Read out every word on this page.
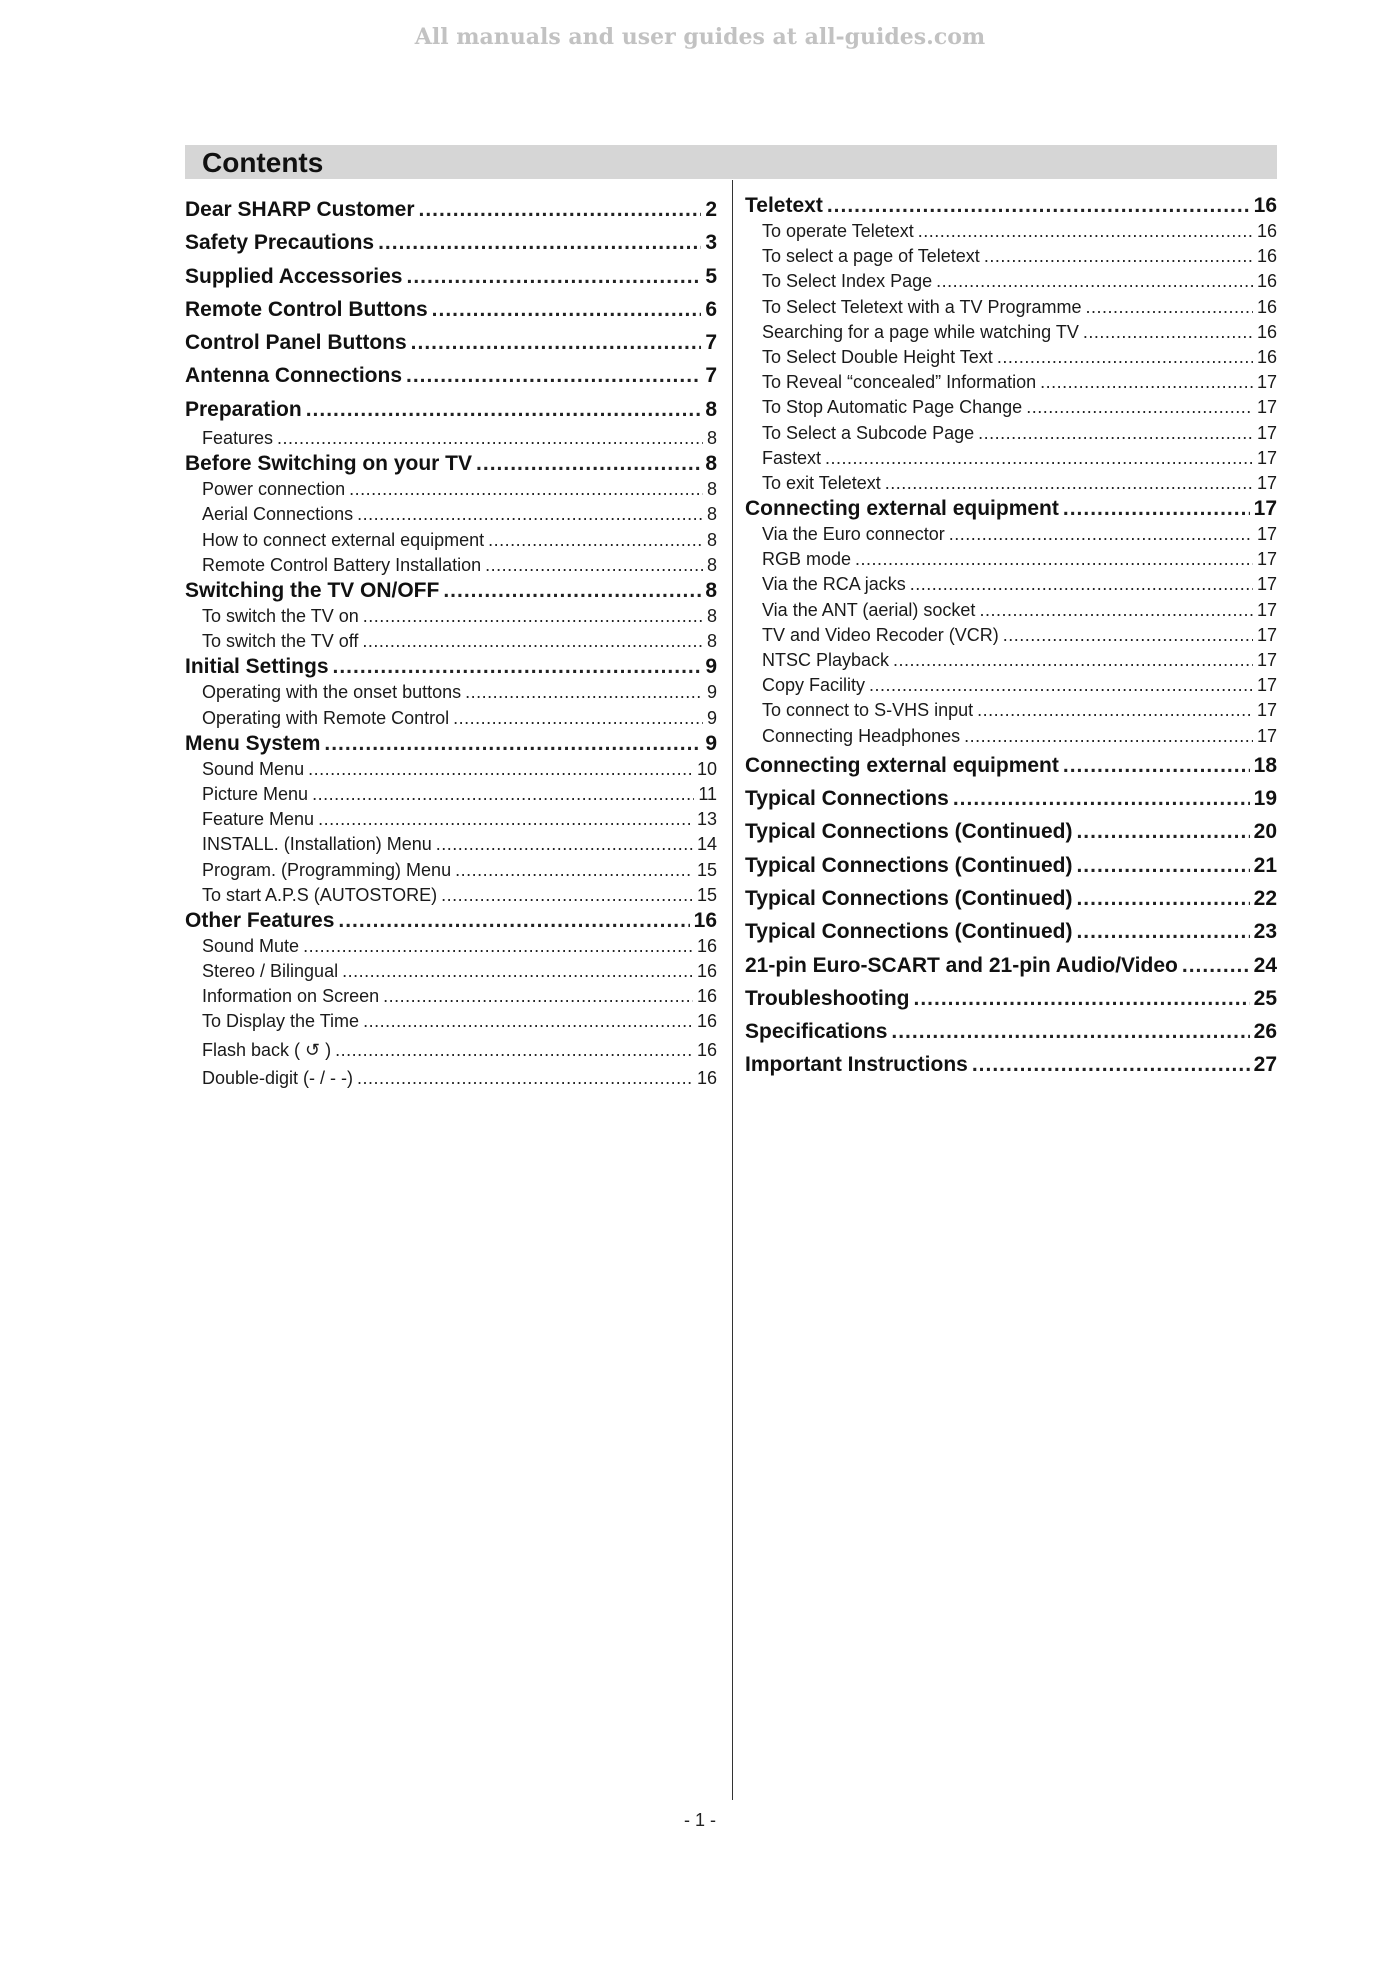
All manuals and user guides at all-guides.com
Contents
Dear SHARP Customer .....	2
Safety Precautions .....	3
Supplied Accessories .....	5
Remote Control Buttons .....	6
Control Panel Buttons .....	7
Antenna Connections .....	7
Preparation .....	8
Features .....	8
Before Switching on your TV .....	8
Power connection .....	8
Aerial Connections .....	8
How to connect external equipment .....	8
Remote Control Battery Installation .....	8
Switching the TV ON/OFF .....	8
To switch the TV on .....	8
To switch the TV off .....	8
Initial Settings .....	9
Operating with the onset buttons .....	9
Operating with Remote Control .....	9
Menu System .....	9
Sound Menu .....	10
Picture Menu .....	11
Feature Menu .....	13
INSTALL. (Installation) Menu .....	14
Program. (Programming) Menu .....	15
To start A.P.S (AUTOSTORE) .....	15
Other Features .....	16
Sound Mute .....	16
Stereo / Bilingual .....	16
Information on Screen .....	16
To Display the Time .....	16
Flash back ( ↺ ) .....	16
Double-digit (- / - -) .....	16
Teletext .....	16
To operate Teletext .....	16
To select a page of Teletext .....	16
To Select Index Page .....	16
To Select Teletext with a TV Programme .....	16
Searching for a page while watching TV .....	16
To Select Double Height Text .....	16
To Reveal “concealed” Information .....	17
To Stop Automatic Page Change .....	17
To Select a Subcode Page .....	17
Fastext .....	17
To exit Teletext .....	17
Connecting external equipment .....	17
Via the Euro connector .....	17
RGB mode .....	17
Via the RCA jacks .....	17
Via the ANT (aerial) socket .....	17
TV and Video Recoder (VCR) .....	17
NTSC Playback .....	17
Copy Facility .....	17
To connect to S-VHS input .....	17
Connecting Headphones .....	17
Connecting external equipment .....	18
Typical Connections .....	19
Typical Connections (Continued) .....	20
Typical Connections (Continued) .....	21
Typical Connections (Continued) .....	22
Typical Connections (Continued) .....	23
21-pin Euro-SCART and 21-pin Audio/Video .....	24
Troubleshooting .....	25
Specifications .....	26
Important Instructions .....	27
- 1 -
